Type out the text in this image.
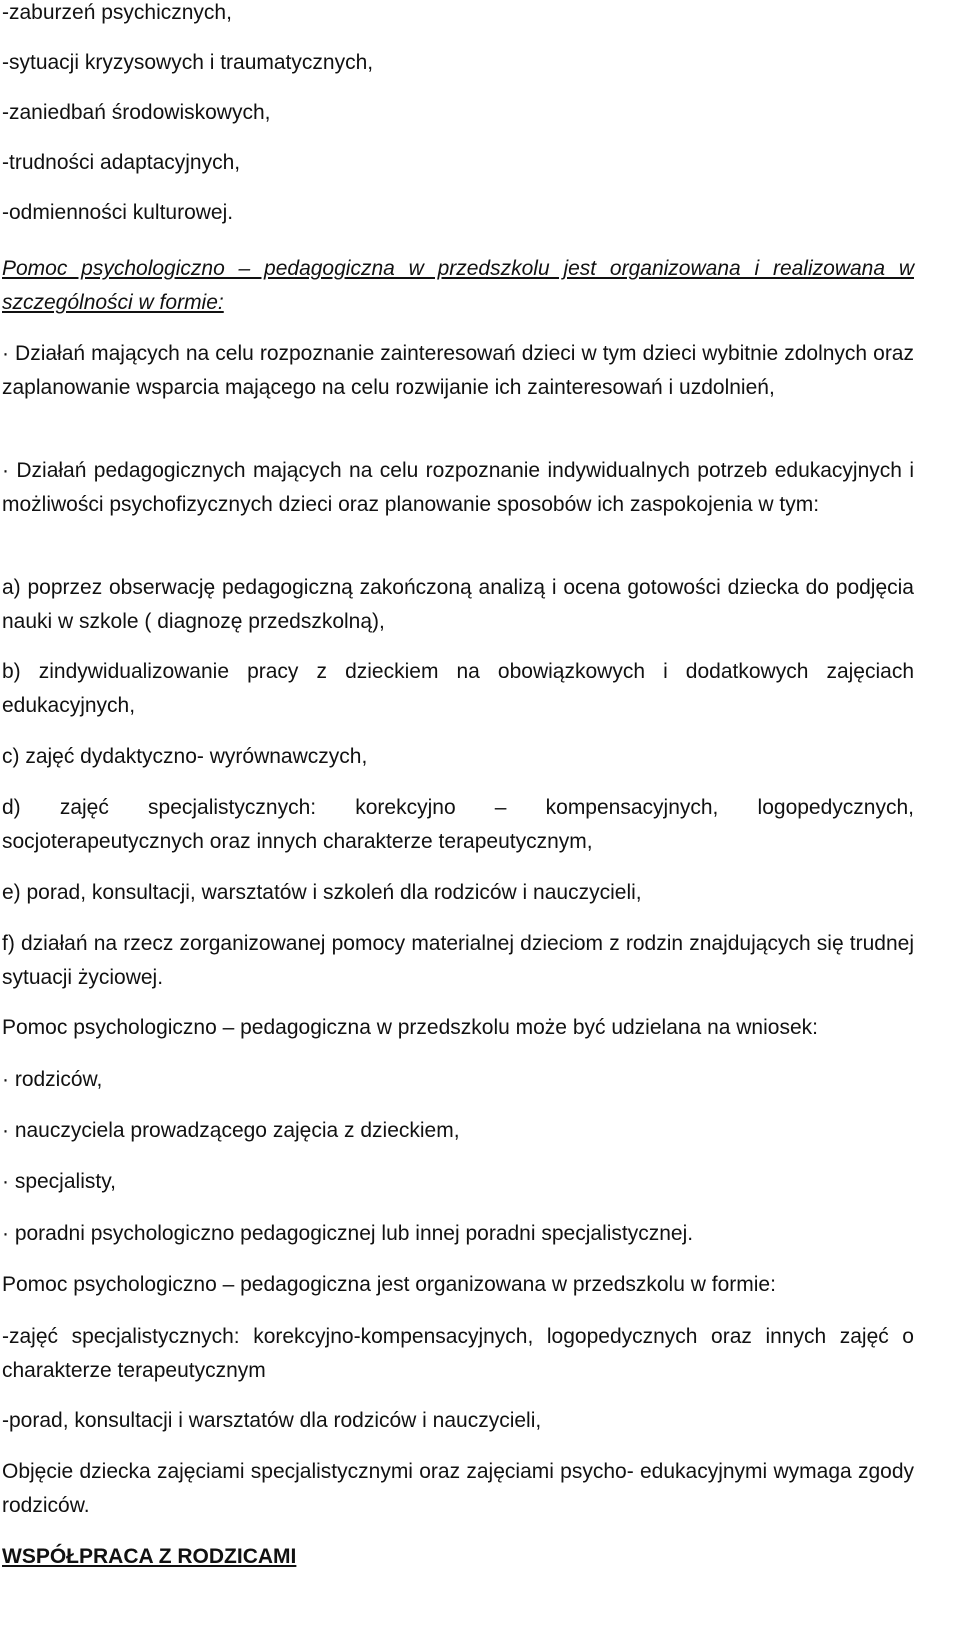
-zaburzeń psychicznych,

-sytuacji kryzysowych i traumatycznych,

-zaniedbań środowiskowych,

-trudności adaptacyjnych,

-odmienności kulturowej.

Pomoc psychologiczno – pedagogiczna w przedszkolu jest organizowana i realizowana w szczególności w formie:

· Działań mających na celu rozpoznanie zainteresowań dzieci w tym dzieci wybitnie zdolnych oraz zaplanowanie wsparcia mającego na celu rozwijanie ich zainteresowań i uzdolnień,

· Działań pedagogicznych mających na celu rozpoznanie indywidualnych potrzeb edukacyjnych i możliwości psychofizycznych dzieci oraz planowanie sposobów ich zaspokojenia w tym:

a) poprzez obserwację pedagogiczną zakończoną analizą i ocena gotowości dziecka do podjęcia nauki w szkole ( diagnozę przedszkolną),

b) zindywidualizowanie pracy z dzieckiem na obowiązkowych i dodatkowych zajęciach edukacyjnych,

c) zajęć dydaktyczno- wyrównawczych,

d) zajęć specjalistycznych: korekcyjno – kompensacyjnych, logopedycznych, socjoterapeutycznych oraz innych charakterze terapeutycznym,

e) porad, konsultacji, warsztatów i szkoleń dla rodziców i nauczycieli,

f) działań na rzecz zorganizowanej pomocy materialnej dzieciom z rodzin znajdujących się trudnej sytuacji życiowej.

Pomoc psychologiczno – pedagogiczna w przedszkolu może być udzielana na wniosek:

· rodziców,

· nauczyciela prowadzącego zajęcia z dzieckiem,

· specjalisty,

· poradni psychologiczno pedagogicznej lub innej poradni specjalistycznej.

Pomoc psychologiczno – pedagogiczna jest organizowana w przedszkolu w formie:

-zajęć specjalistycznych: korekcyjno-kompensacyjnych, logopedycznych oraz innych zajęć o charakterze terapeutycznym

-porad, konsultacji i warsztatów dla rodziców i nauczycieli,

Objęcie dziecka zajęciami specjalistycznymi oraz zajęciami psycho- edukacyjnymi wymaga zgody rodziców.

WSPÓŁPRACA Z RODZICAMI
